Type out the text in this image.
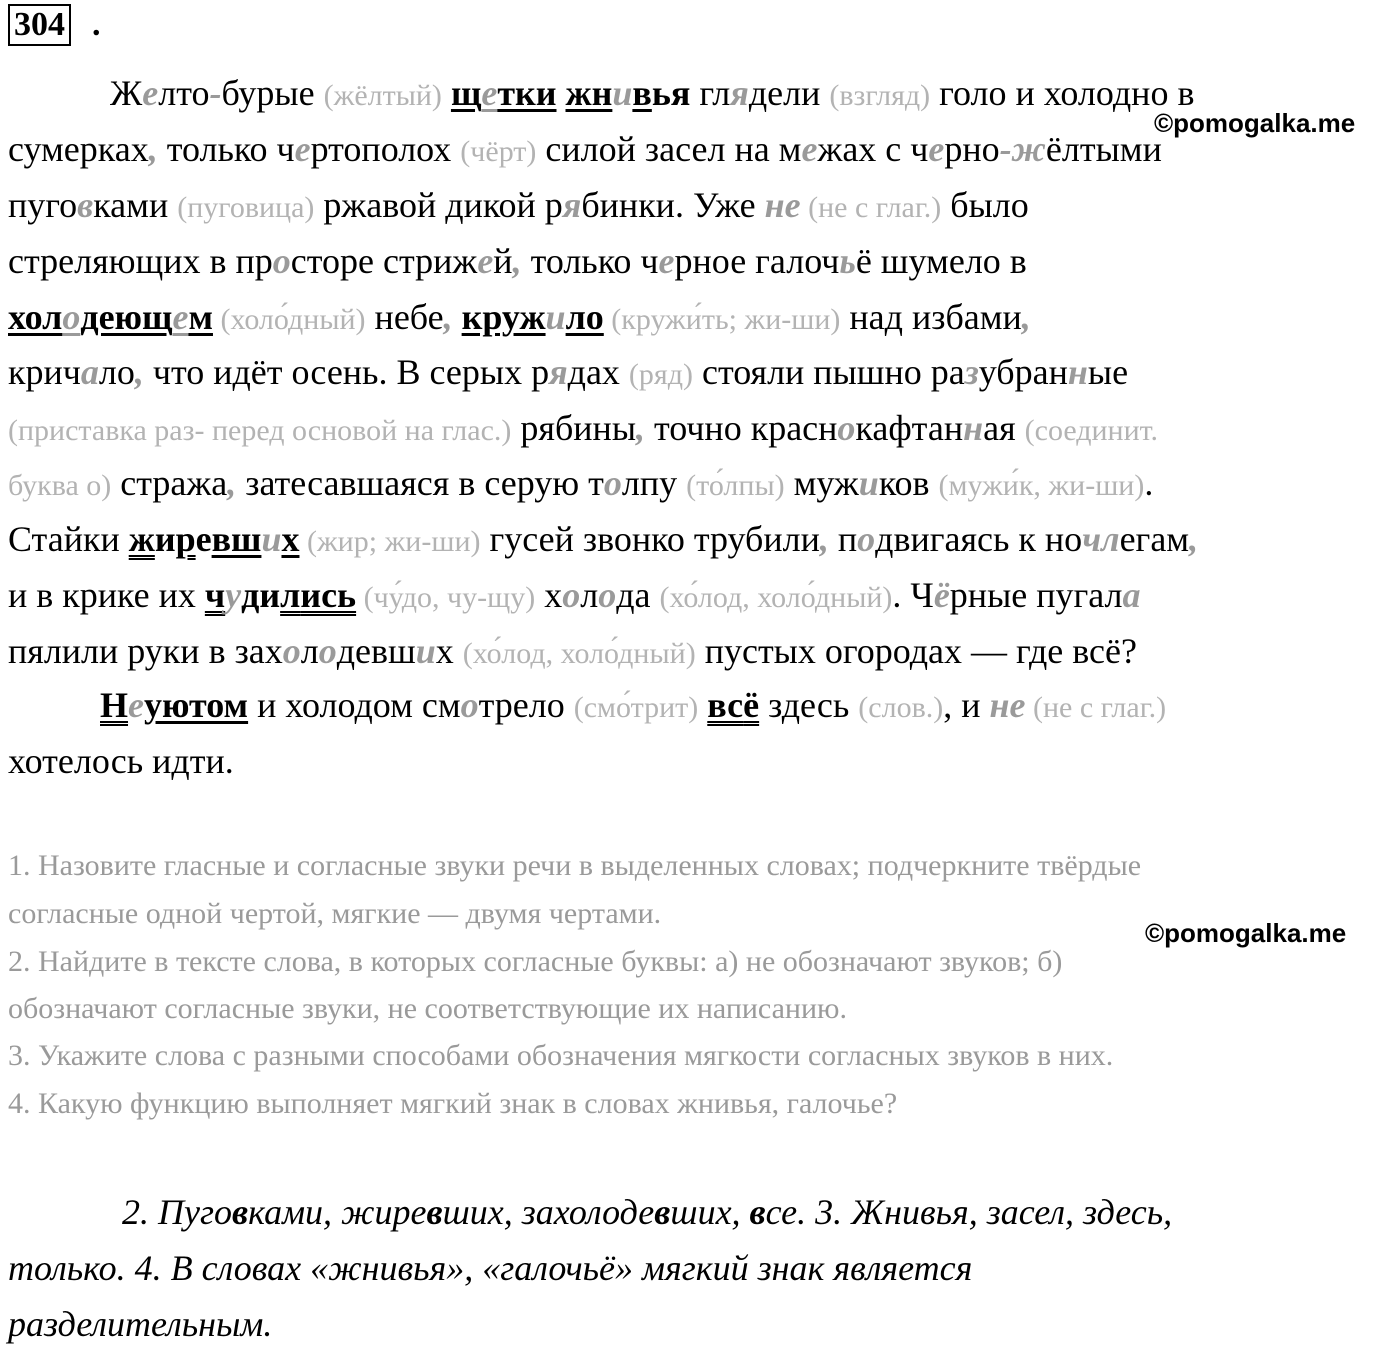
304 .
Желто-бурые (жёлтый) щетки жнивья глядели (взгляд) голо и холодно в
сумерках, только чертополох (чёрт) силой засел на межах с черно-жёлтыми
пуговками (пуговица) ржавой дикой рябинки. Уже не (не с глаг.) было
стреляющих в просторе стрижей, только черное галочьё шумело в
холодеющем (холо́дный) небе, кружило (кружи́ть; жи-ши) над избами,
кричало, что идёт осень. В серых рядах (ряд) стояли пышно разубранные
(приставка раз- перед основой на глас.) рябины, точно краснокафтанная (соединит.
буква о) стража, затесавшаяся в серую толпу (то́лпы) мужиков (мужи́к, жи-ши).
Стайки жиревших (жир; жи-ши) гусей звонко трубили, подвигаясь к ночлегам,
и в крике их чудились (чу́до, чу-щу) холода (хо́лод, холо́дный). Чёрные пугала
пялили руки в захолодевших (хо́лод, холо́дный) пустых огородах — где всё?
Неуютом и холодом смотрело (смо́трит) всё здесь (слов.), и не (не с глаг.)
хотелось идти.
©pomogalka.me
1. Назовите гласные и согласные звуки речи в выделенных словах; подчеркните твёрдые
согласные одной чертой, мягкие — двумя чертами.
2. Найдите в тексте слова, в которых согласные буквы: а) не обозначают звуков; б)
обозначают согласные звуки, не соответствующие их написанию.
3. Укажите слова с разными способами обозначения мягкости согласных звуков в них.
4. Какую функцию выполняет мягкий знак в словах жнивья, галочье?
©pomogalka.me
2. Пуговками, жиревших, захолодевших, все. 3. Жнивья, засел, здесь,
только. 4. В словах «жнивья», «галочьё» мягкий знак является
разделительным.
